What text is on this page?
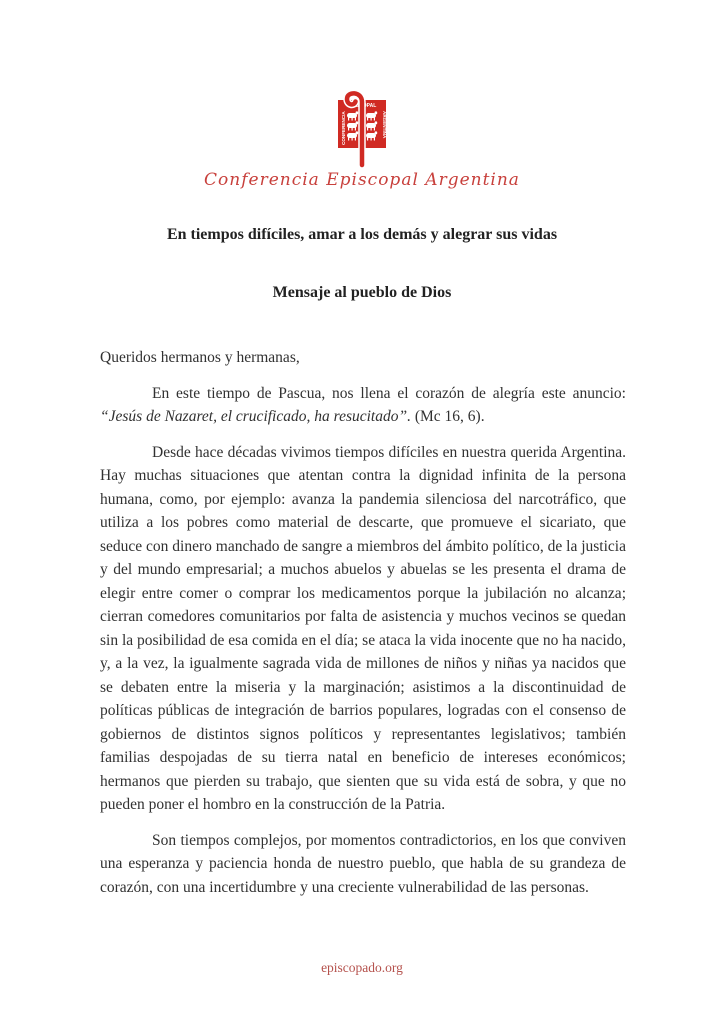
EPISCOPAL
CONFERENCIA	ARGENTINA
Conferencia Episcopal Argentina
En tiempos difíciles, amar a los demás y alegrar sus vidas
Mensaje al pueblo de Dios

Queridos hermanos y hermanas,

En este tiempo de Pascua, nos llena el corazón de alegría este anuncio: “Jesús de Nazaret, el crucificado, ha resucitado”. (Mc 16, 6).

Desde hace décadas vivimos tiempos difíciles en nuestra querida Argentina. Hay muchas situaciones que atentan contra la dignidad infinita de la persona humana, como, por ejemplo: avanza la pandemia silenciosa del narcotráfico, que utiliza a los pobres como material de descarte, que promueve el sicariato, que seduce con dinero manchado de sangre a miembros del ámbito político, de la justicia y del mundo empresarial; a muchos abuelos y abuelas se les presenta el drama de elegir entre comer o comprar los medicamentos porque la jubilación no alcanza; cierran comedores comunitarios por falta de asistencia y muchos vecinos se quedan sin la posibilidad de esa comida en el día; se ataca la vida inocente que no ha nacido, y, a la vez, la igualmente sagrada vida de millones de niños y niñas ya nacidos que se debaten entre la miseria y la marginación; asistimos a la discontinuidad de políticas públicas de integración de barrios populares, logradas con el consenso de gobiernos de distintos signos políticos y representantes legislativos; también familias despojadas de su tierra natal en beneficio de intereses económicos; hermanos que pierden su trabajo, que sienten que su vida está de sobra, y que no pueden poner el hombro en la construcción de la Patria.

Son tiempos complejos, por momentos contradictorios, en los que conviven una esperanza y paciencia honda de nuestro pueblo, que habla de su grandeza de corazón, con una incertidumbre y una creciente vulnerabilidad de las personas.

episcopado.org
